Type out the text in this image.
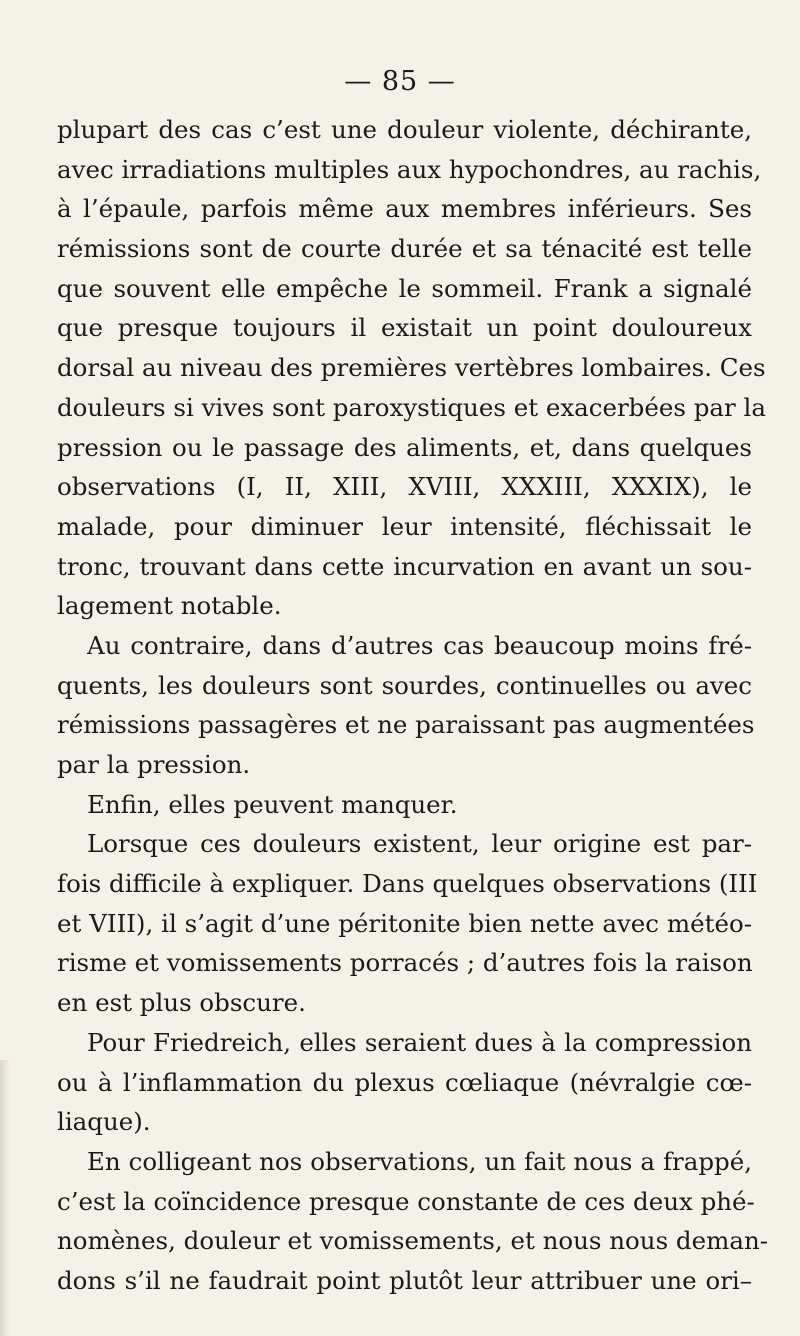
— 85 —
plupart des cas c’est une douleur violente, déchirante,
avec irradiations multiples aux hypochondres, au rachis,
à l’épaule, parfois même aux membres inférieurs. Ses
rémissions sont de courte durée et sa ténacité est telle
que souvent elle empêche le sommeil. Frank a signalé
que presque toujours il existait un point douloureux
dorsal au niveau des premières vertèbres lombaires. Ces
douleurs si vives sont paroxystiques et exacerbées par la
pression ou le passage des aliments, et, dans quelques
observations (I, II, XIII, XVIII, XXXIII, XXXIX), le
malade, pour diminuer leur intensité, fléchissait le
tronc, trouvant dans cette incurvation en avant un sou-
lagement notable.
Au contraire, dans d’autres cas beaucoup moins fré-
quents, les douleurs sont sourdes, continuelles ou avec
rémissions passagères et ne paraissant pas augmentées
par la pression.
Enfin, elles peuvent manquer.
Lorsque ces douleurs existent, leur origine est par-
fois difficile à expliquer. Dans quelques observations (III
et VIII), il s’agit d’une péritonite bien nette avec météo-
risme et vomissements porracés ; d’autres fois la raison
en est plus obscure.
Pour Friedreich, elles seraient dues à la compression
ou à l’inflammation du plexus cœliaque (névralgie cœ-
liaque).
En colligeant nos observations, un fait nous a frappé,
c’est la coïncidence presque constante de ces deux phé-
nomènes, douleur et vomissements, et nous nous deman-
dons s’il ne faudrait point plutôt leur attribuer une ori–
